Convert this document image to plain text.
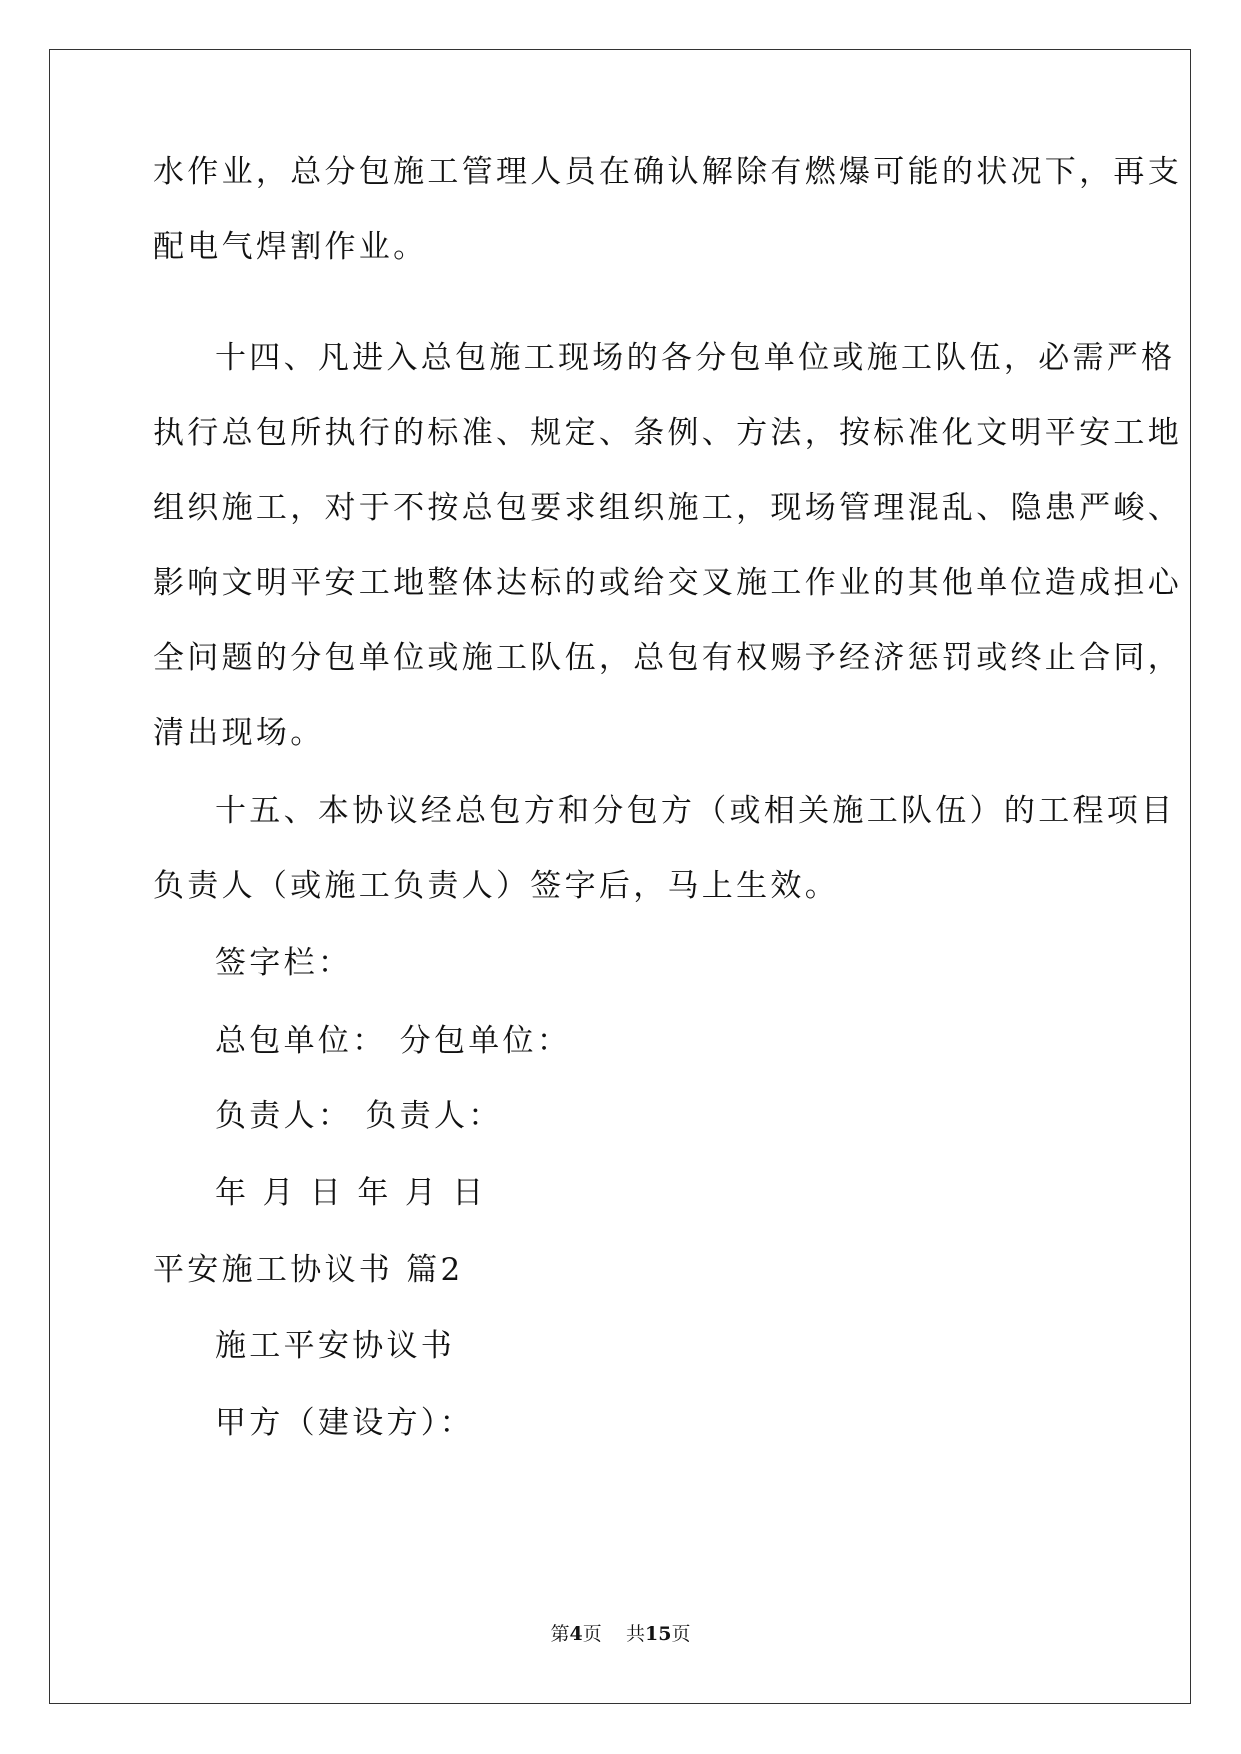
水作业，总分包施工管理人员在确认解除有燃爆可能的状况下，再支
配电气焊割作业。
十四、凡进入总包施工现场的各分包单位或施工队伍，必需严格
执行总包所执行的标准、规定、条例、方法，按标准化文明平安工地
组织施工，对于不按总包要求组织施工，现场管理混乱、隐患严峻、
影响文明平安工地整体达标的或给交叉施工作业的其他单位造成担心
全问题的分包单位或施工队伍，总包有权赐予经济惩罚或终止合同，
清出现场。
十五、本协议经总包方和分包方（或相关施工队伍）的工程项目
负责人（或施工负责人）签字后，马上生效。
签字栏：
总包单位： 分包单位：
负责人： 负责人：
年 月 日 年 月 日
平安施工协议书 篇2
施工平安协议书
甲方（建设方）：
第4页 共15页
